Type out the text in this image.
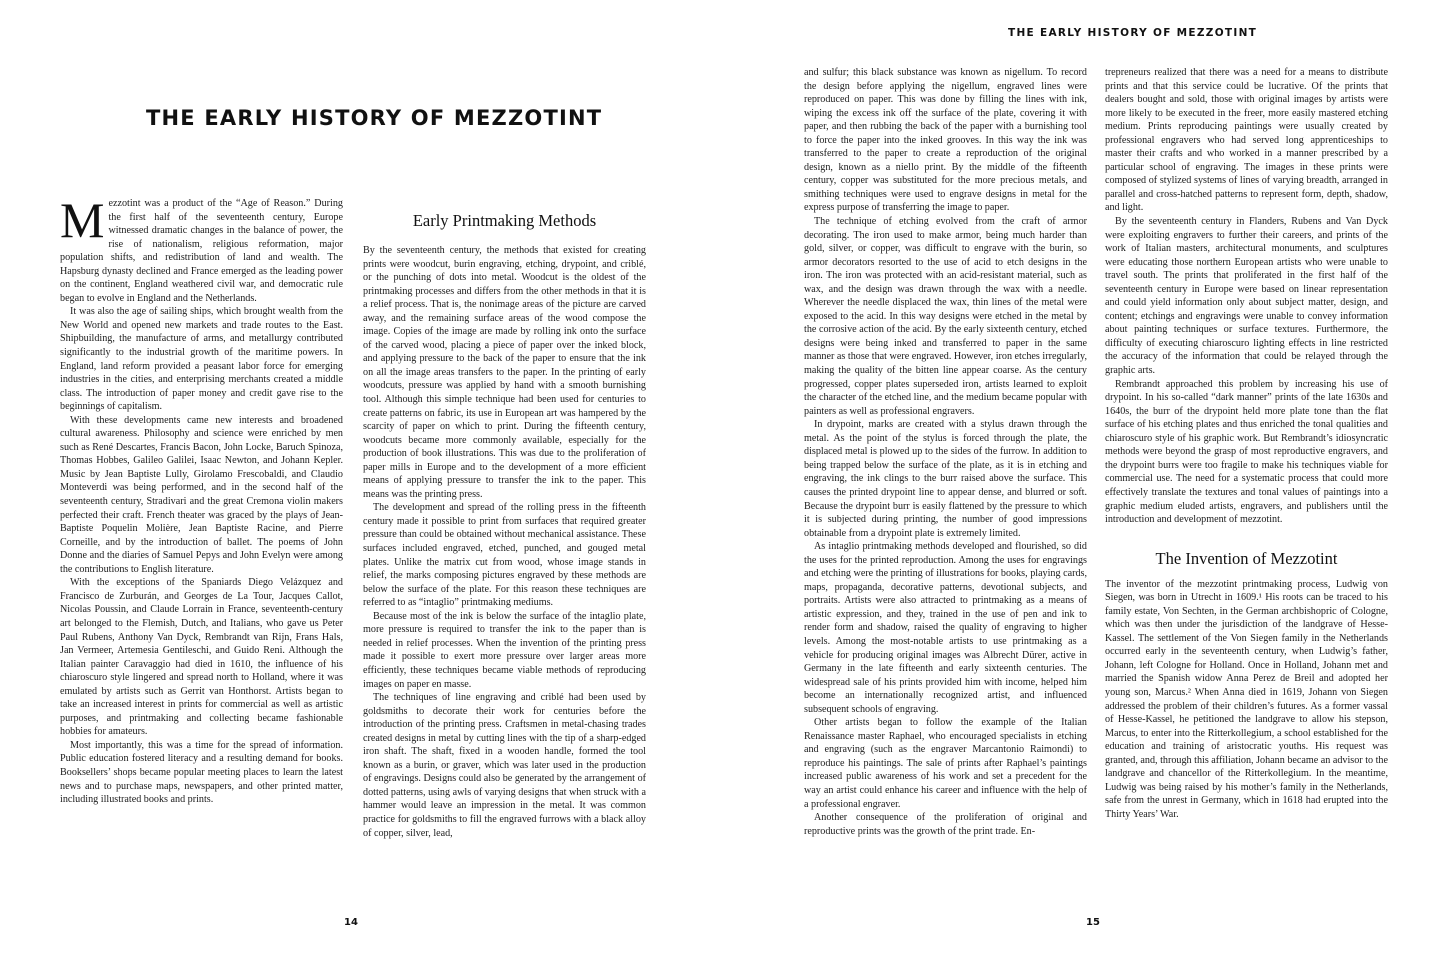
THE EARLY HISTORY OF MEZZOTINT

Mezzotint was a product of the “Age of Reason.” During the first half of the seventeenth century, Europe witnessed dramatic changes in the balance of power, the rise of nationalism, religious reformation, major population shifts, and redistribution of land and wealth. The Hapsburg dynasty declined and France emerged as the leading power on the continent, England weathered civil war, and democratic rule began to evolve in England and the Netherlands.

It was also the age of sailing ships, which brought wealth from the New World and opened new markets and trade routes to the East. Shipbuilding, the manufacture of arms, and metallurgy contributed significantly to the industrial growth of the maritime powers. In England, land reform provided a peasant labor force for emerging industries in the cities, and enterprising merchants created a middle class. The introduction of paper money and credit gave rise to the beginnings of capitalism.

With these developments came new interests and broadened cultural awareness. Philosophy and science were enriched by men such as René Descartes, Francis Bacon, John Locke, Baruch Spinoza, Thomas Hobbes, Galileo Galilei, Isaac Newton, and Johann Kepler. Music by Jean Baptiste Lully, Girolamo Frescobaldi, and Claudio Monteverdi was being performed, and in the second half of the seventeenth century, Stradivari and the great Cremona violin makers perfected their craft. French theater was graced by the plays of Jean-Baptiste Poquelin Molière, Jean Baptiste Racine, and Pierre Corneille, and by the introduction of ballet. The poems of John Donne and the diaries of Samuel Pepys and John Evelyn were among the contributions to English literature.

With the exceptions of the Spaniards Diego Velázquez and Francisco de Zurburán, and Georges de La Tour, Jacques Callot, Nicolas Poussin, and Claude Lorrain in France, seventeenth-century art belonged to the Flemish, Dutch, and Italians, who gave us Peter Paul Rubens, Anthony Van Dyck, Rembrandt van Rijn, Frans Hals, Jan Vermeer, Artemesia Gentileschi, and Guido Reni. Although the Italian painter Caravaggio had died in 1610, the influence of his chiaroscuro style lingered and spread north to Holland, where it was emulated by artists such as Gerrit van Honthorst. Artists began to take an increased interest in prints for commercial as well as artistic purposes, and printmaking and collecting became fashionable hobbies for amateurs.

Most importantly, this was a time for the spread of information. Public education fostered literacy and a resulting demand for books. Booksellers’ shops became popular meeting places to learn the latest news and to purchase maps, newspapers, and other printed matter, including illustrated books and prints.

Early Printmaking Methods

By the seventeenth century, the methods that existed for creating prints were woodcut, burin engraving, etching, drypoint, and criblé, or the punching of dots into metal. Woodcut is the oldest of the printmaking processes and differs from the other methods in that it is a relief process. That is, the nonimage areas of the picture are carved away, and the remaining surface areas of the wood compose the image. Copies of the image are made by rolling ink onto the surface of the carved wood, placing a piece of paper over the inked block, and applying pressure to the back of the paper to ensure that the ink on all the image areas transfers to the paper. In the printing of early woodcuts, pressure was applied by hand with a smooth burnishing tool. Although this simple technique had been used for centuries to create patterns on fabric, its use in European art was hampered by the scarcity of paper on which to print. During the fifteenth century, woodcuts became more commonly available, especially for the production of book illustrations. This was due to the proliferation of paper mills in Europe and to the development of a more efficient means of applying pressure to transfer the ink to the paper. This means was the printing press.

The development and spread of the rolling press in the fifteenth century made it possible to print from surfaces that required greater pressure than could be obtained without mechanical assistance. These surfaces included engraved, etched, punched, and gouged metal plates. Unlike the matrix cut from wood, whose image stands in relief, the marks composing pictures engraved by these methods are below the surface of the plate. For this reason these techniques are referred to as “intaglio” printmaking mediums.

Because most of the ink is below the surface of the intaglio plate, more pressure is required to transfer the ink to the paper than is needed in relief processes. When the invention of the printing press made it possible to exert more pressure over larger areas more efficiently, these techniques became viable methods of reproducing images on paper en masse.

The techniques of line engraving and criblé had been used by goldsmiths to decorate their work for centuries before the introduction of the printing press. Craftsmen in metal-chasing trades created designs in metal by cutting lines with the tip of a sharp-edged iron shaft. The shaft, fixed in a wooden handle, formed the tool known as a burin, or graver, which was later used in the production of engravings. Designs could also be generated by the arrangement of dotted patterns, using awls of varying designs that when struck with a hammer would leave an impression in the metal. It was common practice for goldsmiths to fill the engraved furrows with a black alloy of copper, silver, lead,

14
THE EARLY HISTORY OF MEZZOTINT

and sulfur; this black substance was known as nigellum. To record the design before applying the nigellum, engraved lines were reproduced on paper. This was done by filling the lines with ink, wiping the excess ink off the surface of the plate, covering it with paper, and then rubbing the back of the paper with a burnishing tool to force the paper into the inked grooves. In this way the ink was transferred to the paper to create a reproduction of the original design, known as a niello print. By the middle of the fifteenth century, copper was substituted for the more precious metals, and smithing techniques were used to engrave designs in metal for the express purpose of transferring the image to paper.

The technique of etching evolved from the craft of armor decorating. The iron used to make armor, being much harder than gold, silver, or copper, was difficult to engrave with the burin, so armor decorators resorted to the use of acid to etch designs in the iron. The iron was protected with an acid-resistant material, such as wax, and the design was drawn through the wax with a needle. Wherever the needle displaced the wax, thin lines of the metal were exposed to the acid. In this way designs were etched in the metal by the corrosive action of the acid. By the early sixteenth century, etched designs were being inked and transferred to paper in the same manner as those that were engraved. However, iron etches irregularly, making the quality of the bitten line appear coarse. As the century progressed, copper plates superseded iron, artists learned to exploit the character of the etched line, and the medium became popular with painters as well as professional engravers.

In drypoint, marks are created with a stylus drawn through the metal. As the point of the stylus is forced through the plate, the displaced metal is plowed up to the sides of the furrow. In addition to being trapped below the surface of the plate, as it is in etching and engraving, the ink clings to the burr raised above the surface. This causes the printed drypoint line to appear dense, and blurred or soft. Because the drypoint burr is easily flattened by the pressure to which it is subjected during printing, the number of good impressions obtainable from a drypoint plate is extremely limited.

As intaglio printmaking methods developed and flourished, so did the uses for the printed reproduction. Among the uses for engravings and etching were the printing of illustrations for books, playing cards, maps, propaganda, decorative patterns, devotional subjects, and portraits. Artists were also attracted to printmaking as a means of artistic expression, and they, trained in the use of pen and ink to render form and shadow, raised the quality of engraving to higher levels. Among the most-notable artists to use printmaking as a vehicle for producing original images was Albrecht Dürer, active in Germany in the late fifteenth and early sixteenth centuries. The widespread sale of his prints provided him with income, helped him become an internationally recognized artist, and influenced subsequent schools of engraving.

Other artists began to follow the example of the Italian Renaissance master Raphael, who encouraged specialists in etching and engraving (such as the engraver Marcantonio Raimondi) to reproduce his paintings. The sale of prints after Raphael’s paintings increased public awareness of his work and set a precedent for the way an artist could enhance his career and influence with the help of a professional engraver.

Another consequence of the proliferation of original and reproductive prints was the growth of the print trade. En-

trepreneurs realized that there was a need for a means to distribute prints and that this service could be lucrative. Of the prints that dealers bought and sold, those with original images by artists were more likely to be executed in the freer, more easily mastered etching medium. Prints reproducing paintings were usually created by professional engravers who had served long apprenticeships to master their crafts and who worked in a manner prescribed by a particular school of engraving. The images in these prints were composed of stylized systems of lines of varying breadth, arranged in parallel and cross-hatched patterns to represent form, depth, shadow, and light.

By the seventeenth century in Flanders, Rubens and Van Dyck were exploiting engravers to further their careers, and prints of the work of Italian masters, architectural monuments, and sculptures were educating those northern European artists who were unable to travel south. The prints that proliferated in the first half of the seventeenth century in Europe were based on linear representation and could yield information only about subject matter, design, and content; etchings and engravings were unable to convey information about painting techniques or surface textures. Furthermore, the difficulty of executing chiaroscuro lighting effects in line restricted the accuracy of the information that could be relayed through the graphic arts.

Rembrandt approached this problem by increasing his use of drypoint. In his so-called “dark manner” prints of the late 1630s and 1640s, the burr of the drypoint held more plate tone than the flat surface of his etching plates and thus enriched the tonal qualities and chiaroscuro style of his graphic work. But Rembrandt’s idiosyncratic methods were beyond the grasp of most reproductive engravers, and the drypoint burrs were too fragile to make his techniques viable for commercial use. The need for a systematic process that could more effectively translate the textures and tonal values of paintings into a graphic medium eluded artists, engravers, and publishers until the introduction and development of mezzotint.

The Invention of Mezzotint

The inventor of the mezzotint printmaking process, Ludwig von Siegen, was born in Utrecht in 1609.¹ His roots can be traced to his family estate, Von Sechten, in the German archbishopric of Cologne, which was then under the jurisdiction of the landgrave of Hesse-Kassel. The settlement of the Von Siegen family in the Netherlands occurred early in the seventeenth century, when Ludwig’s father, Johann, left Cologne for Holland. Once in Holland, Johann met and married the Spanish widow Anna Perez de Breil and adopted her young son, Marcus.² When Anna died in 1619, Johann von Siegen addressed the problem of their children’s futures. As a former vassal of Hesse-Kassel, he petitioned the landgrave to allow his stepson, Marcus, to enter into the Ritterkollegium, a school established for the education and training of aristocratic youths. His request was granted, and, through this affiliation, Johann became an advisor to the landgrave and chancellor of the Ritterkollegium. In the meantime, Ludwig was being raised by his mother’s family in the Netherlands, safe from the unrest in Germany, which in 1618 had erupted into the Thirty Years’ War.

15
